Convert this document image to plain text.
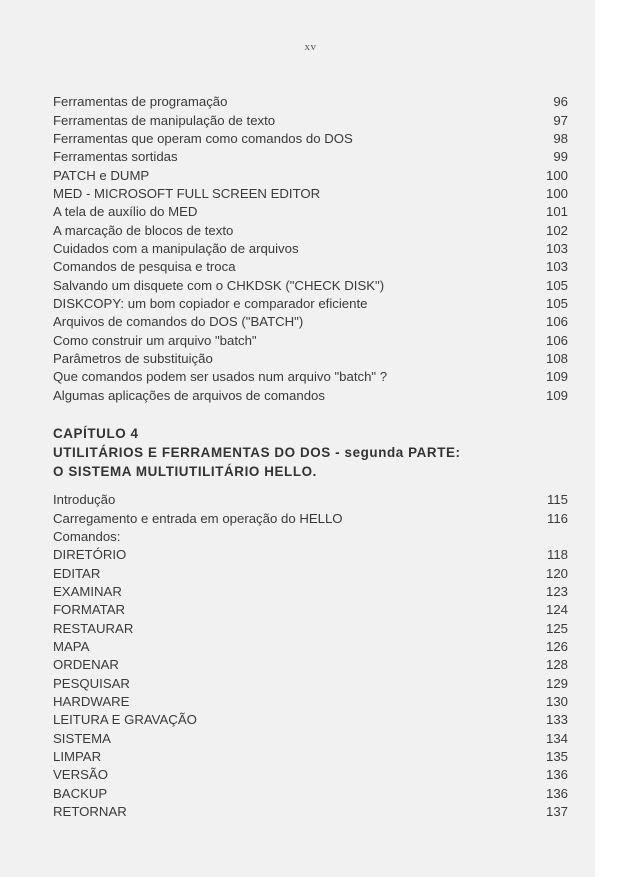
xv
Ferramentas de programação	96
Ferramentas de manipulação de texto	97
Ferramentas que operam como comandos do DOS	98
Ferramentas sortidas	99
PATCH e DUMP	100
MED - MICROSOFT FULL SCREEN EDITOR	100
A tela de auxílio do MED	101
A marcação de blocos de texto	102
Cuidados com a manipulação de arquivos	103
Comandos de pesquisa e troca	103
Salvando um disquete com o CHKDSK ("CHECK DISK")	105
DISKCOPY: um bom copiador e comparador eficiente	105
Arquivos de comandos do DOS ("BATCH")	106
Como construir um arquivo "batch"	106
Parâmetros de substituição	108
Que comandos podem ser usados num arquivo "batch" ?	109
Algumas aplicações de arquivos de comandos	109
CAPÍTULO 4
UTILITÁRIOS E FERRAMENTAS DO DOS - segunda PARTE:
O SISTEMA MULTIUTILITÁRIO HELLO.
Introdução	115
Carregamento e entrada em operação do HELLO	116
Comandos:
DIRETÓRIO	118
EDITAR	120
EXAMINAR	123
FORMATAR	124
RESTAURAR	125
MAPA	126
ORDENAR	128
PESQUISAR	129
HARDWARE	130
LEITURA E GRAVAÇÃO	133
SISTEMA	134
LIMPAR	135
VERSÃO	136
BACKUP	136
RETORNAR	137
